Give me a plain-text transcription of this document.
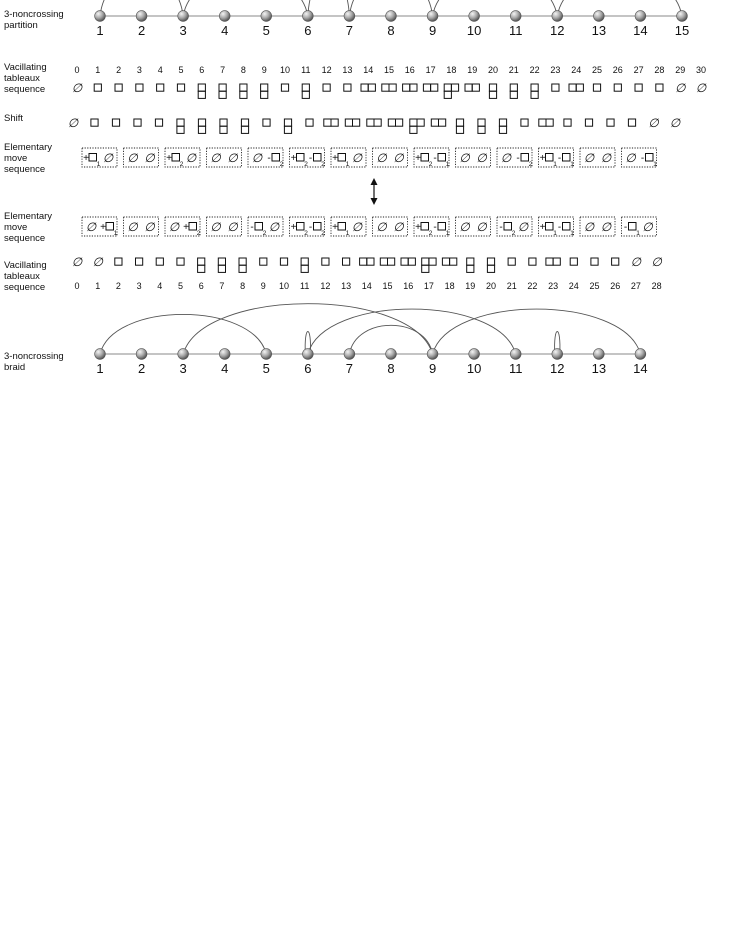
3-noncrossing partition
Vacillating tableaux sequence
Shift
Elementary move sequence
Elementary move sequence
Vacillating tableaux sequence
3-noncrossing braid
1	2	3	4	5	6	7	8	9 10 11 12 13 14 15
0 1 2 3 4 5 6 7 8 9 10 11 12 13 14 15 16 17 18 19 20 21 22 23 24 25 26 27 28 29 30
∅	∅ ∅
∅	∅ ∅
+
1 ∅ ∅ ∅ +
2 ∅ ∅ ∅ ∅ -
2
+
2
-
2
+
1 ∅ ∅ ∅ +
2
-
1 ∅ ∅ ∅ -
2
+
1
-
1 ∅ ∅ ∅ -
1
∅ +
1 ∅ ∅ ∅ +
2 ∅ ∅ -
2 ∅ +
2
-
2
+
1 ∅ ∅ ∅ +
2
-
1 ∅ ∅ -
2 ∅ +
1
-
1 ∅ ∅ -
1 ∅
∅ ∅	∅ ∅
0 1 2 3 4 5 6 7 8 9 10 11 12 13 14 15 16 17 18 19 20 21 22 23 24 25 26 27 28
1	2	3	4	5	6	7	8	9 10 11 12 13 14
